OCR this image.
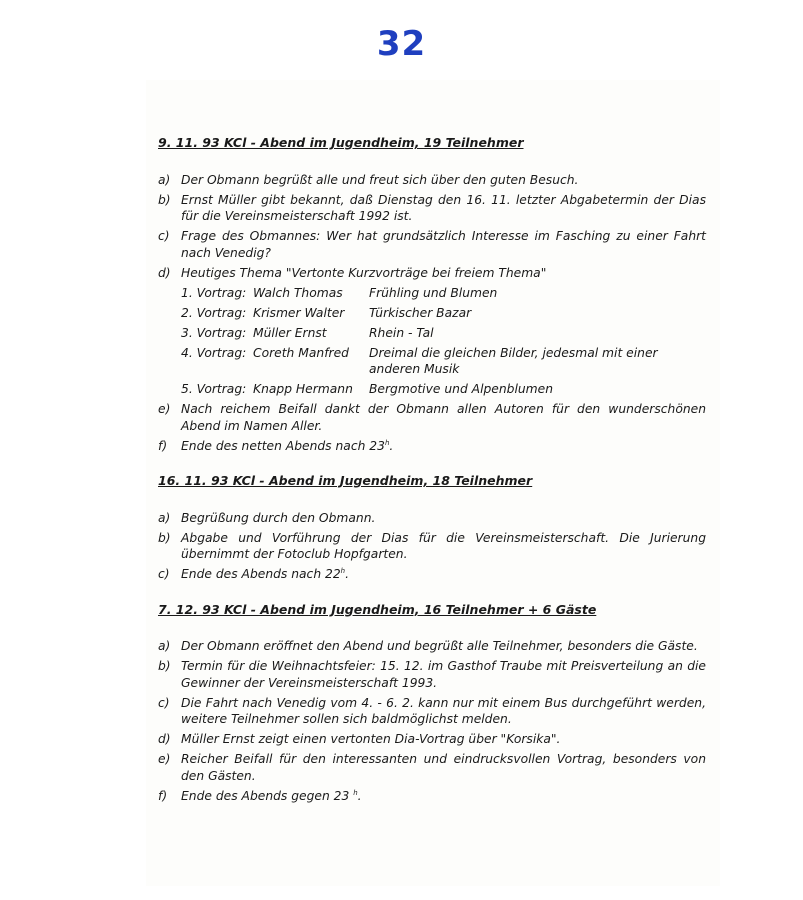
32
9. 11. 93 KCl - Abend im Jugendheim, 19 Teilnehmer
a) Der Obmann begrüßt alle und freut sich über den guten Besuch.
b) Ernst Müller gibt bekannt, daß Dienstag den 16. 11. letzter Abgabetermin der Dias für die Vereinsmeisterschaft 1992 ist.
c) Frage des Obmannes: Wer hat grundsätzlich Interesse im Fasching zu einer Fahrt nach Venedig?
d) Heutiges Thema "Vertonte Kurzvorträge bei freiem Thema"
1. Vortrag: Walch Thomas	Frühling und Blumen
2. Vortrag: Krismer Walter	Türkischer Bazar
3. Vortrag: Müller Ernst	Rhein - Tal
4. Vortrag: Coreth Manfred	Dreimal die gleichen Bilder, jedesmal mit einer anderen Musik
5. Vortrag: Knapp Hermann	Bergmotive und Alpenblumen
e) Nach reichem Beifall dankt der Obmann allen Autoren für den wunderschönen Abend im Namen Aller.
f)	Ende des netten Abends nach 23$^h$.
16. 11. 93 KCl - Abend im Jugendheim, 18 Teilnehmer
a) Begrüßung durch den Obmann.
b) Abgabe und Vorführung der Dias für die Vereinsmeisterschaft. Die Jurierung übernimmt der Fotoclub Hopfgarten.
c) Ende des Abends nach 22$^h$.
7. 12. 93 KCl - Abend im Jugendheim, 16 Teilnehmer + 6 Gäste
a) Der Obmann eröffnet den Abend und begrüßt alle Teilnehmer, besonders die Gäste.
b) Termin für die Weihnachtsfeier: 15. 12. im Gasthof Traube mit Preisverteilung an die Gewinner der Vereinsmeisterschaft 1993.
c) Die Fahrt nach Venedig vom 4. - 6. 2. kann nur mit einem Bus durchgeführt werden, weitere Teilnehmer sollen sich baldmöglichst melden.
d) Müller Ernst zeigt einen vertonten Dia-Vortrag über "Korsika".
e) Reicher Beifall für den interessanten und eindrucksvollen Vortrag, besonders von den Gästen.
f)	Ende des Abends gegen 23 $^h$.
